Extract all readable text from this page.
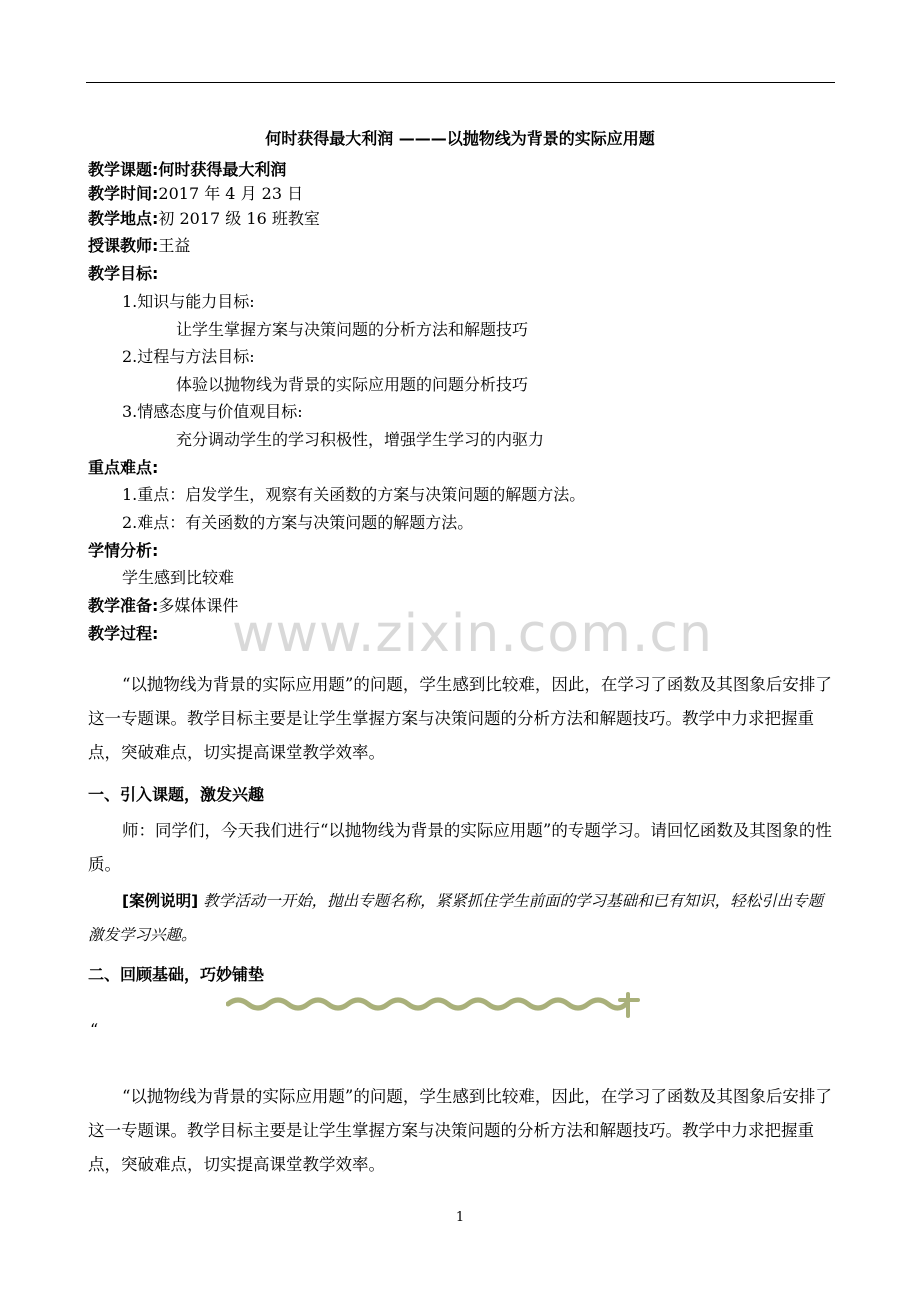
何时获得最大利润 ———以抛物线为背景的实际应用题
教学课题:何时获得最大利润
教学时间:2017 年 4 月 23 日
教学地点:初 2017 级 16 班教室
授课教师:王益
教学目标:
1.知识与能力目标:
让学生掌握方案与决策问题的分析方法和解题技巧
2.过程与方法目标:
体验以抛物线为背景的实际应用题的问题分析技巧
3.情感态度与价值观目标:
充分调动学生的学习积极性，增强学生学习的内驱力
重点难点:
1.重点：启发学生，观察有关函数的方案与决策问题的解题方法。
2.难点：有关函数的方案与决策问题的解题方法。
学情分析:
学生感到比较难
教学准备:多媒体课件
教学过程: www.zixin.com.cn
“以抛物线为背景的实际应用题”的问题，学生感到比较难，因此，在学习了函数及其图象后安排了这一专题课。教学目标主要是让学生掌握方案与决策问题的分析方法和解题技巧。教学中力求把握重点，突破难点，切实提高课堂教学效率。
一、引入课题，激发兴趣
师：同学们，今天我们进行“以抛物线为背景的实际应用题”的专题学习。请回忆函数及其图象的性质。
[案例说明] 教学活动一开始，抛出专题名称，紧紧抓住学生前面的学习基础和已有知识，轻松引出专题激发学习兴趣。
二、回顾基础，巧妙铺垫
“
“以抛物线为背景的实际应用题”的问题，学生感到比较难，因此，在学习了函数及其图象后安排了这一专题课。教学目标主要是让学生掌握方案与决策问题的分析方法和解题技巧。教学中力求把握重点，突破难点，切实提高课堂教学效率。
1
